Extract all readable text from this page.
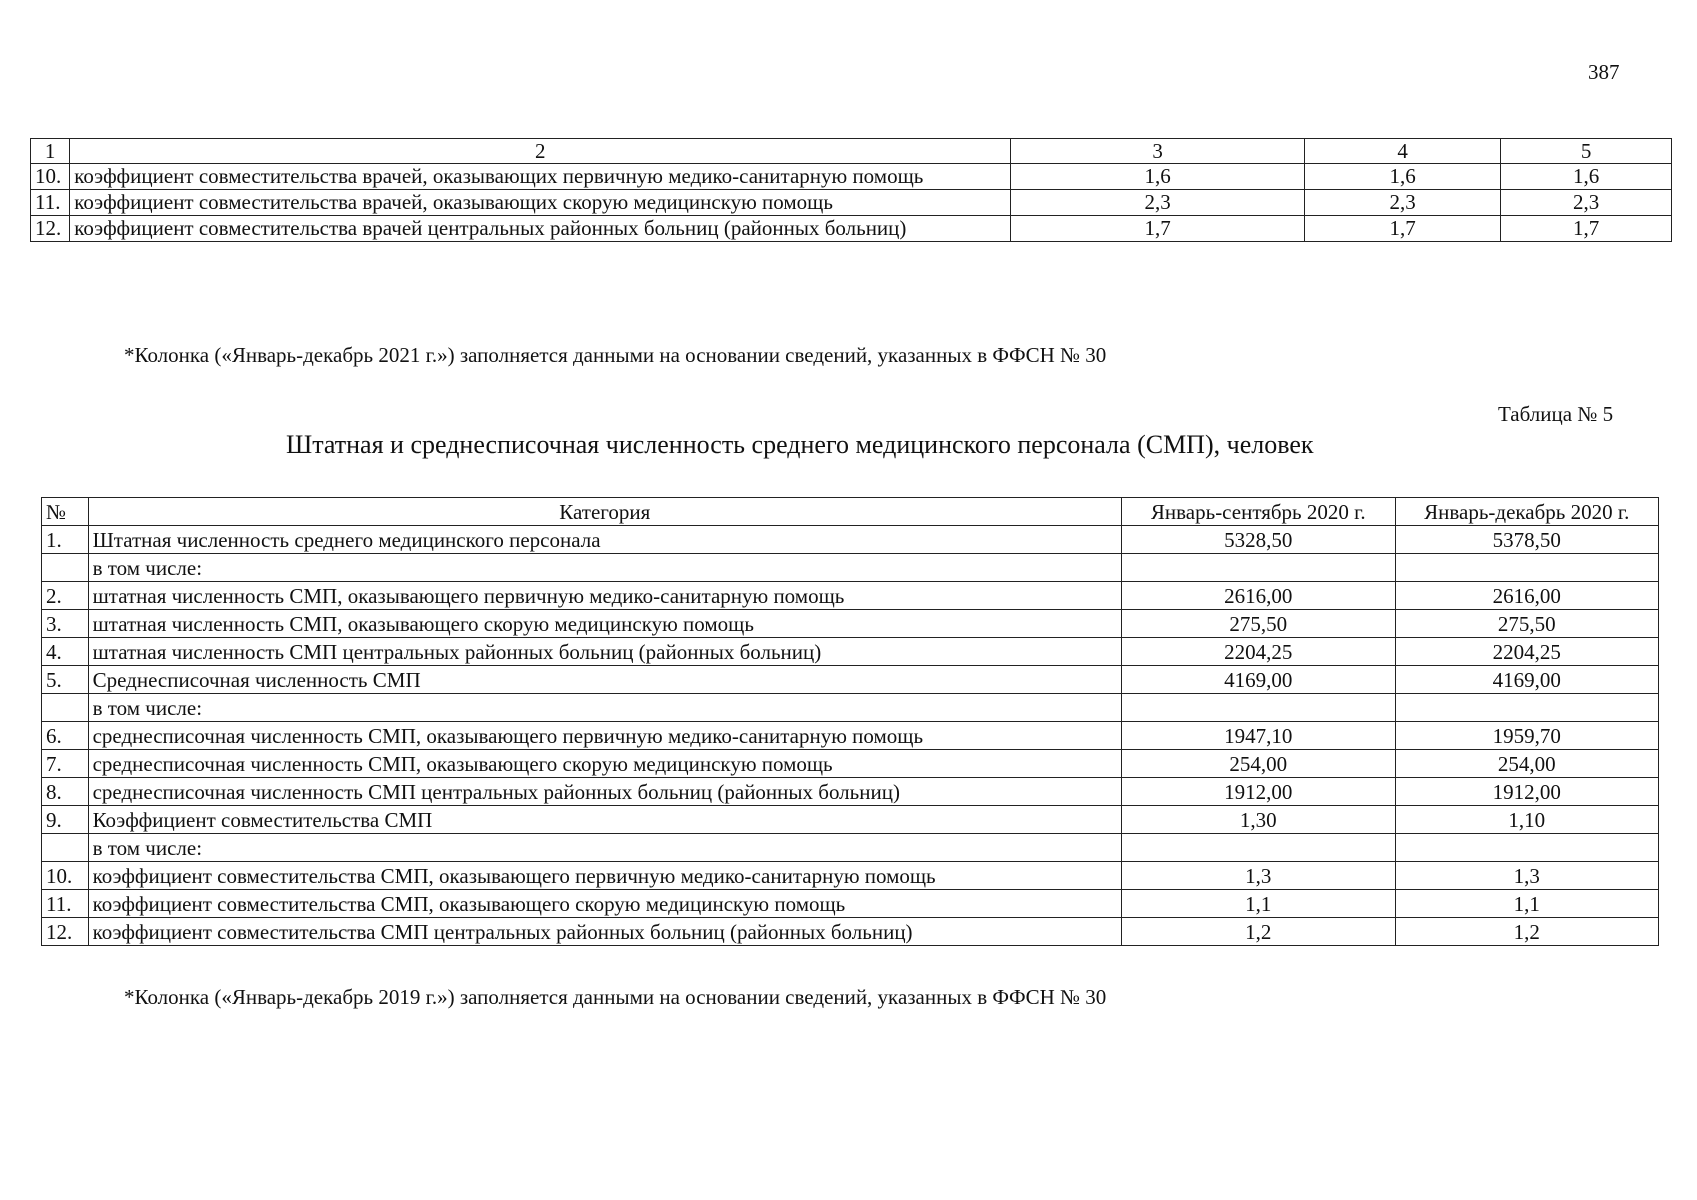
387
1	2	3	4	5
10.	коэффициент совместительства врачей, оказывающих первичную медико-санитарную помощь	1,6	1,6	1,6
11.	коэффициент совместительства врачей, оказывающих скорую медицинскую помощь	2,3	2,3	2,3
12.	коэффициент совместительства врачей центральных районных больниц (районных больниц)	1,7	1,7	1,7
*Колонка («Январь-декабрь 2021 г.») заполняется данными на основании сведений, указанных в ФФСН № 30
Таблица № 5
Штатная и среднесписочная численность среднего медицинского персонала (СМП), человек
№	Категория	Январь-сентябрь 2020 г.	Январь-декабрь 2020 г.
1.	Штатная численность среднего медицинского персонала	5328,50	5378,50
	в том числе:		
2.	штатная численность СМП, оказывающего первичную медико-санитарную помощь	2616,00	2616,00
3.	штатная численность СМП, оказывающего скорую медицинскую помощь	275,50	275,50
4.	штатная численность СМП центральных районных больниц (районных больниц)	2204,25	2204,25
5.	Среднесписочная численность СМП	4169,00	4169,00
	в том числе:		
6.	среднесписочная численность СМП, оказывающего первичную медико-санитарную помощь	1947,10	1959,70
7.	среднесписочная численность СМП, оказывающего скорую медицинскую помощь	254,00	254,00
8.	среднесписочная численность СМП центральных районных больниц (районных больниц)	1912,00	1912,00
9.	Коэффициент совместительства СМП	1,30	1,10
	в том числе:		
10.	коэффициент совместительства СМП, оказывающего первичную медико-санитарную помощь	1,3	1,3
11.	коэффициент совместительства СМП, оказывающего скорую медицинскую помощь	1,1	1,1
12.	коэффициент совместительства СМП центральных районных больниц (районных больниц)	1,2	1,2
*Колонка («Январь-декабрь 2019 г.») заполняется данными на основании сведений, указанных в ФФСН № 30
